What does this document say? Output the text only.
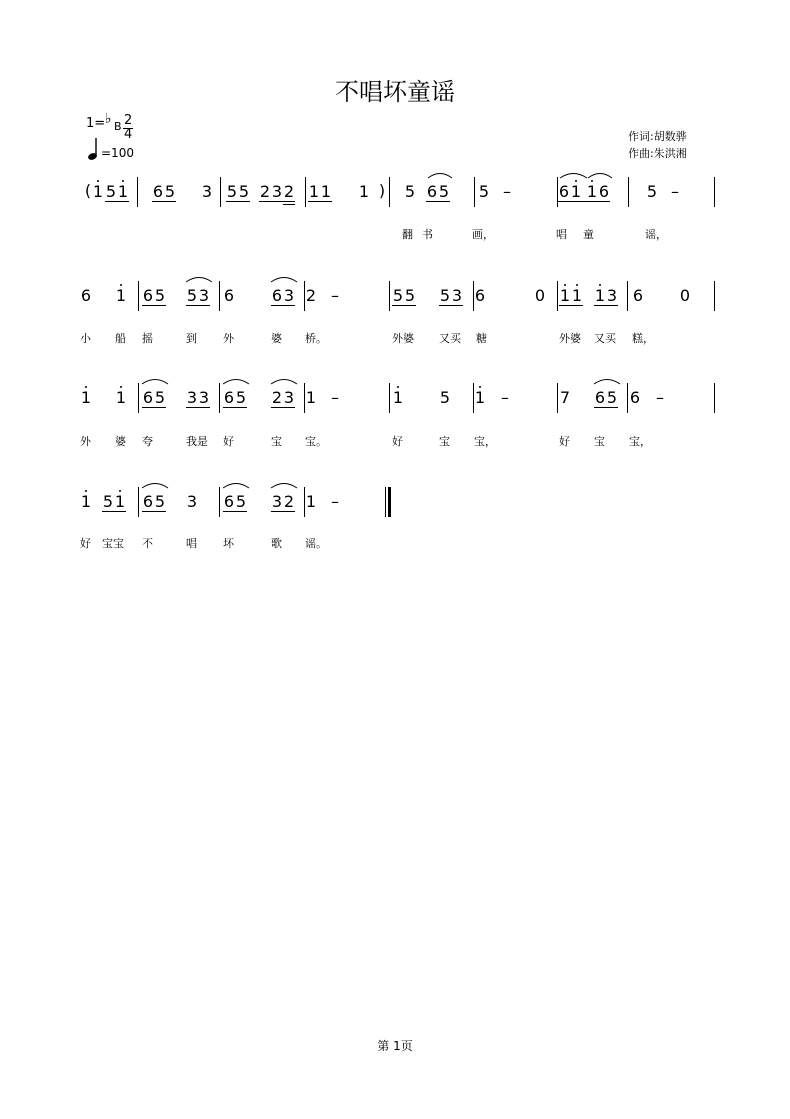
不唱坏童谣
1= ♭ B 2
4
=100
作词:胡数骅
作曲:朱洪湘
1 5 1 6 5 3 5 5 2 3 2 1 1 1 5 6 5 5 –	6 1 1 6 5 –
翻 书	画，	唱 童	谣，
6 1 6 5 5 3 6 6 3 2 –	5 5 5 3 6	0 1 1 1 3 6 0
小 船 摇	到 外	婆 桥。	外婆 又买 糖	外婆 又买 糕，
1 1 6 5 3 3 6 5 2 3 1 –	1 5 1 –	7 6 5 6 –
外 婆 夸	我是 好	宝 宝。	好	宝 宝，	好 宝 宝，
1 5 1 6 5 3 6 5 3 2 1 –
好 宝宝 不	唱 坏	歌 谣。
(	)
第 1页
